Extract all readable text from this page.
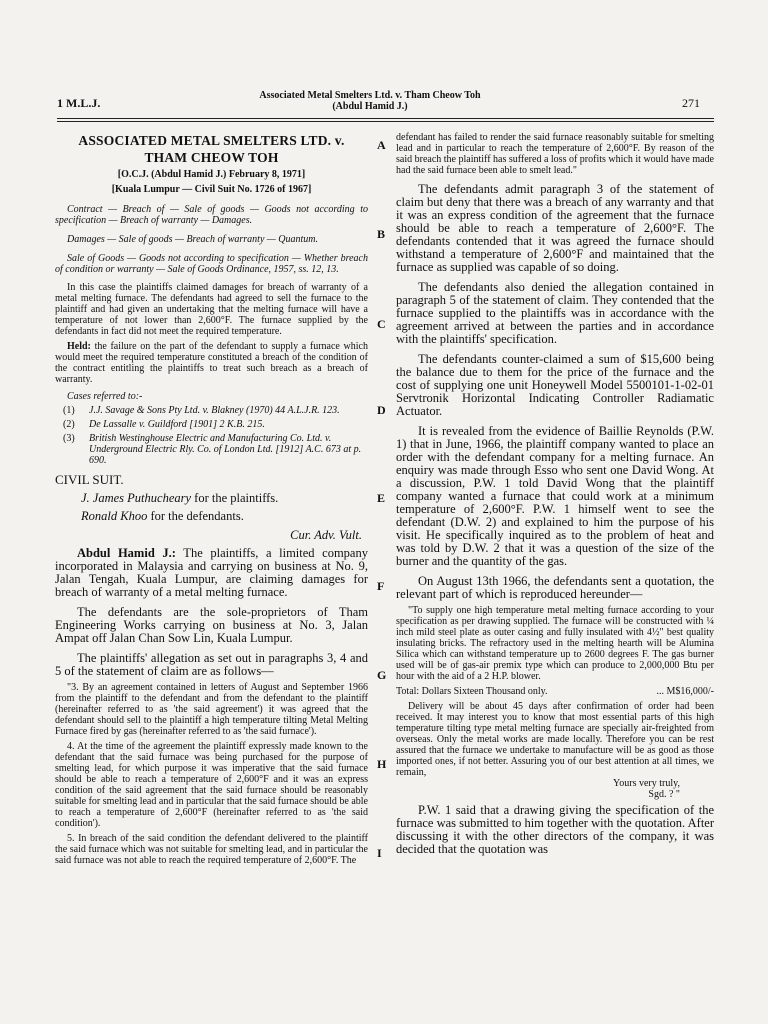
1 M.L.J.
Associated Metal Smelters Ltd. v. Tham Cheow Toh
(Abdul Hamid J.)	271
A
B
C
D
E
F
G
H
I
ASSOCIATED METAL SMELTERS LTD. v.
THAM CHEOW TOH
[O.C.J. (Abdul Hamid J.) February 8, 1971]
[Kuala Lumpur — Civil Suit No. 1726 of 1967]

Contract — Breach of — Sale of goods — Goods not according to specification — Breach of warranty — Damages.

Damages — Sale of goods — Breach of warranty — Quantum.

Sale of Goods — Goods not according to specification — Whether breach of condition or warranty — Sale of Goods Ordinance, 1957, ss. 12, 13.

In this case the plaintiffs claimed damages for breach of warranty of a metal melting furnace. The defendants had agreed to sell the furnace to the plaintiff and had given an undertaking that the melting furnace will have a temperature of not lower than 2,600°F. The furnace supplied by the defendants in fact did not meet the required temperature.

Held: the failure on the part of the defendant to supply a furnace which would meet the required temperature constituted a breach of the condition of the contract entitling the plaintiffs to treat such breach as a breach of warranty.

Cases referred to:-
(1)	J.J. Savage & Sons Pty Ltd. v. Blakney (1970) 44 A.L.J.R. 123.
(2)	De Lassalle v. Guildford [1901] 2 K.B. 215.
(3)	British Westinghouse Electric and Manufacturing Co. Ltd. v. Underground Electric Rly. Co. of London Ltd. [1912] A.C. 673 at p. 690.
CIVIL SUIT.
J. James Puthucheary for the plaintiffs.
Ronald Khoo for the defendants.
Cur. Adv. Vult.

Abdul Hamid J.: The plaintiffs, a limited company incorporated in Malaysia and carrying on business at No. 9, Jalan Tengah, Kuala Lumpur, are claiming damages for breach of warranty of a metal melting furnace.

The defendants are the sole-proprietors of Tham Engineering Works carrying on business at No. 3, Jalan Ampat off Jalan Chan Sow Lin, Kuala Lumpur.

The plaintiffs' allegation as set out in paragraphs 3, 4 and 5 of the statement of claim are as follows—

"3. By an agreement contained in letters of August and September 1966 from the plaintiff to the defendant and from the defendant to the plaintiff (hereinafter referred to as 'the said agreement') it was agreed that the defendant should sell to the plaintiff a high temperature tilting Metal Melting Furnace fired by gas (hereinafter referred to as 'the said furnace').

4. At the time of the agreement the plaintiff expressly made known to the defendant that the said furnace was being purchased for the purpose of smelting lead, for which purpose it was imperative that the said furnace should be able to reach a temperature of 2,600°F and it was an express condition of the said agreement that the said furnace should be reasonably suitable for smelting lead and in particular that the said furnace should be able to reach a temperature of 2,600°F (hereinafter referred to as 'the said condition').

5. In breach of the said condition the defendant delivered to the plaintiff the said furnace which was not suitable for smelting lead, and in particular the said furnace was not able to reach the required temperature of 2,600°F. The

defendant has failed to render the said furnace reasonably suitable for smelting lead and in particular to reach the temperature of 2,600°F. By reason of the said breach the plaintiff has suffered a loss of profits which it would have made had the said furnace been able to smelt lead."

The defendants admit paragraph 3 of the statement of claim but deny that there was a breach of any warranty and that it was an express condition of the agreement that the furnace should be able to reach a temperature of 2,600°F. The defendants contended that it was agreed the furnace should withstand a temperature of 2,600°F and maintained that the furnace as supplied was capable of so doing.

The defendants also denied the allegation contained in paragraph 5 of the statement of claim. They contended that the furnace supplied to the plaintiffs was in accordance with the agreement arrived at between the parties and in accordance with the plaintiffs' specification.

The defendants counter-claimed a sum of $15,600 being the balance due to them for the price of the furnace and the cost of supplying one unit Honeywell Model 5500101-1-02-01 Servtronik Horizontal Indicating Controller Radiamatic Actuator.

It is revealed from the evidence of Baillie Reynolds (P.W. 1) that in June, 1966, the plaintiff company wanted to place an order with the defendant company for a melting furnace. An enquiry was made through Esso who sent one David Wong. At a discussion, P.W. 1 told David Wong that the plaintiff company wanted a furnace that could work at a minimum temperature of 2,600°F. P.W. 1 himself went to see the defendant (D.W. 2) and explained to him the purpose of his visit. He specifically inquired as to the problem of heat and was told by D.W. 2 that it was a question of the size of the burner and the quantity of the gas.

On August 13th 1966, the defendants sent a quotation, the relevant part of which is reproduced hereunder—

"To supply one high temperature metal melting furnace according to your specification as per drawing supplied. The furnace will be constructed with ¼ inch mild steel plate as outer casing and fully insulated with 4½" best quality insulating bricks. The refractory used in the melting hearth will be Alumina Silica which can withstand temperature up to 2600 degrees F. The gas burner used will be of gas-air premix type which can produce to 2,000,000 Btu per hour with the aid of a 2 H.P. blower.

Total: Dollars Sixteen Thousand only.	... M$16,000/-

Delivery will be about 45 days after confirmation of order had been received. It may interest you to know that most essential parts of this high temperature tilting type metal melting furnace are specially air-freighted from overseas. Only the metal works are made locally. Therefore you can be rest assured that the furnace we undertake to manufacture will be as good as those imported ones, if not better. Assuring you of our best attention at all times, we remain,

Yours very truly,
Sgd. ? "

P.W. 1 said that a drawing giving the specification of the furnace was submitted to him together with the quotation. After discussing it with the other directors of the company, it was decided that the quotation was
